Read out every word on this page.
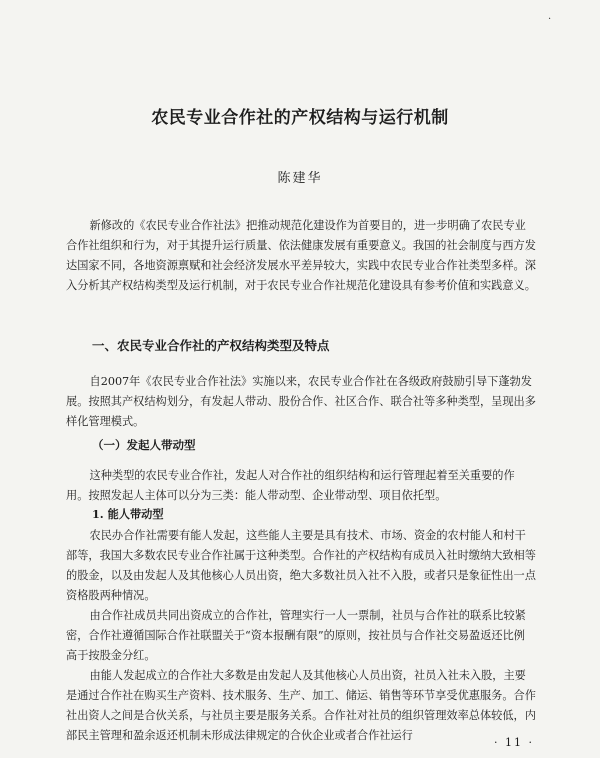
·
农民专业合作社的产权结构与运行机制
陈建华

新修改的《农民专业合作社法》把推动规范化建设作为首要目的，进一步明确了农民专业合作社组织和行为，对于其提升运行质量、依法健康发展有重要意义。我国的社会制度与西方发达国家不同，各地资源禀赋和社会经济发展水平差异较大，实践中农民专业合作社类型多样。深入分析其产权结构类型及运行机制，对于农民专业合作社规范化建设具有参考价值和实践意义。

一、农民专业合作社的产权结构类型及特点

自2007年《农民专业合作社法》实施以来，农民专业合作社在各级政府鼓励引导下蓬勃发展。按照其产权结构划分，有发起人带动、股份合作、社区合作、联合社等多种类型，呈现出多样化管理模式。

（一）发起人带动型

这种类型的农民专业合作社，发起人对合作社的组织结构和运行管理起着至关重要的作用。按照发起人主体可以分为三类：能人带动型、企业带动型、项目依托型。

1. 能人带动型

农民办合作社需要有能人发起，这些能人主要是具有技术、市场、资金的农村能人和村干部等，我国大多数农民专业合作社属于这种类型。合作社的产权结构有成员入社时缴纳大致相等的股金，以及由发起人及其他核心人员出资，绝大多数社员入社不入股，或者只是象征性出一点资格股两种情况。

由合作社成员共同出资成立的合作社，管理实行一人一票制，社员与合作社的联系比较紧密，合作社遵循国际合作社联盟关于“资本报酬有限”的原则，按社员与合作社交易盈返还比例高于按股金分红。

由能人发起成立的合作社大多数是由发起人及其他核心人员出资，社员入社未入股，主要是通过合作社在购买生产资料、技术服务、生产、加工、储运、销售等环节享受优惠服务。合作社出资人之间是合伙关系，与社员主要是服务关系。合作社对社员的组织管理效率总体较低，内部民主管理和盈余返还机制未形成法律规定的合伙企业或者合作社运行

· 11 ·
